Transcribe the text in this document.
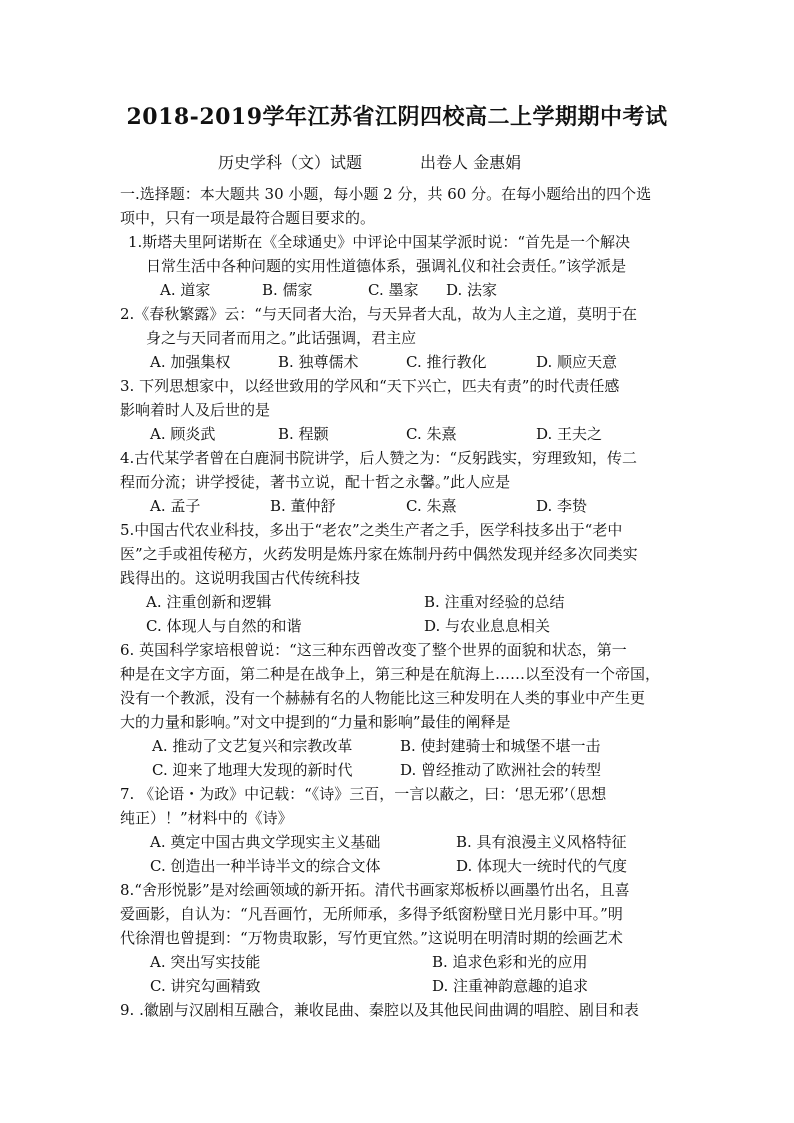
2018-2019学年江苏省江阴四校高二上学期期中考试
历史学科（文）试题	出卷人 金惠娟
一.选择题：本大题共 30 小题，每小题 2 分，共 60 分。在每小题给出的四个选
项中，只有一项是最符合题目要求的。
1.斯塔夫里阿诺斯在《全球通史》中评论中国某学派时说：“首先是一个解决
日常生活中各种问题的实用性道德体系，强调礼仪和社会责任。”该学派是
A. 道家	B. 儒家	C. 墨家 D. 法家
2.《春秋繁露》云：“与天同者大治，与天异者大乱，故为人主之道，莫明于在
身之与天同者而用之。”此话强调，君主应
A. 加强集权	B. 独尊儒术	C. 推行教化	D. 顺应天意
3. 下列思想家中，以经世致用的学风和“天下兴亡，匹夫有责”的时代责任感
影响着时人及后世的是
A. 顾炎武	B. 程颢	C. 朱熹	D. 王夫之
4.古代某学者曾在白鹿洞书院讲学，后人赞之为：“反躬践实，穷理致知，传二
程而分流；讲学授徒，著书立说，配十哲之永馨。”此人应是
A. 孟子	B. 董仲舒	C. 朱熹	D. 李贽
5.中国古代农业科技，多出于“老农”之类生产者之手，医学科技多出于“老中
医”之手或祖传秘方，火药发明是炼丹家在炼制丹药中偶然发现并经多次同类实
践得出的。这说明我国古代传统科技
A. 注重创新和逻辑	B. 注重对经验的总结
C. 体现人与自然的和谐	D. 与农业息息相关
6. 英国科学家培根曾说：“这三种东西曾改变了整个世界的面貌和状态，第一
种是在文字方面，第二种是在战争上，第三种是在航海上……以至没有一个帝国，
没有一个教派，没有一个赫赫有名的人物能比这三种发明在人类的事业中产生更
大的力量和影响。”对文中提到的“力量和影响”最佳的阐释是
A. 推动了文艺复兴和宗教改革	B. 使封建骑士和城堡不堪一击
C. 迎来了地理大发现的新时代	D. 曾经推动了欧洲社会的转型
7. 《论语・为政》中记载：“《诗》三百，一言以蔽之，曰：‘思无邪’（思想
纯正）！”材料中的《诗》
A. 奠定中国古典文学现实主义基础	B. 具有浪漫主义风格特征
C. 创造出一种半诗半文的综合文体	D. 体现大一统时代的气度
8.“舍形悦影”是对绘画领域的新开拓。清代书画家郑板桥以画墨竹出名，且喜
爱画影，自认为：“凡吾画竹，无所师承，多得予纸窗粉壁日光月影中耳。”明
代徐渭也曾提到：“万物贵取影，写竹更宜然。”这说明在明清时期的绘画艺术
A. 突出写实技能	B. 追求色彩和光的应用
C. 讲究勾画精致	D. 注重神韵意趣的追求
9. .徽剧与汉剧相互融合，兼收昆曲、秦腔以及其他民间曲调的唱腔、剧目和表
